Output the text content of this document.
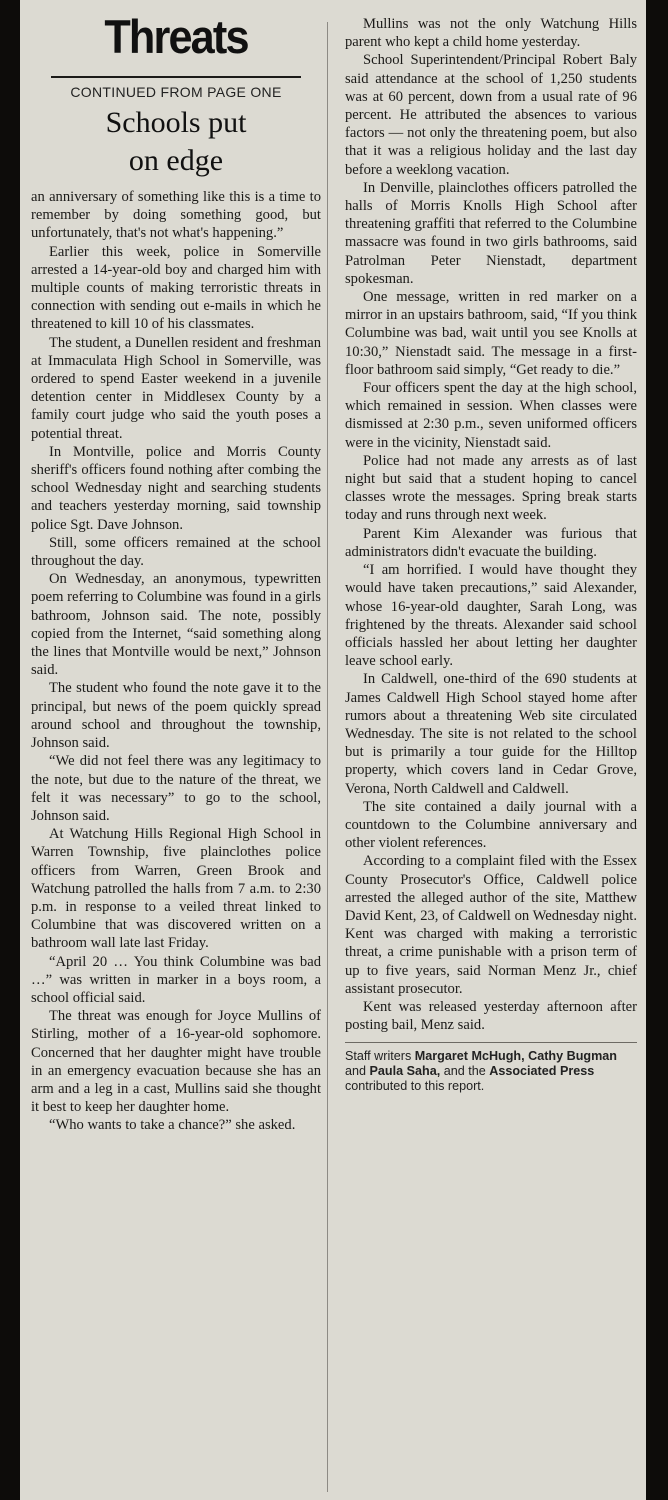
Threats
CONTINUED FROM PAGE ONE
Schools put
on edge

an anniversary of something like this is a time to remember by doing something good, but unfortunately, that's not what's happening.”

Earlier this week, police in Somerville arrested a 14-year-old boy and charged him with multiple counts of making terroristic threats in connection with sending out e-mails in which he threatened to kill 10 of his classmates.

The student, a Dunellen resident and freshman at Immaculata High School in Somerville, was ordered to spend Easter weekend in a juvenile detention center in Middlesex County by a family court judge who said the youth poses a potential threat.

In Montville, police and Morris County sheriff's officers found nothing after combing the school Wednesday night and searching students and teachers yesterday morning, said township police Sgt. Dave Johnson.

Still, some officers remained at the school throughout the day.

On Wednesday, an anonymous, typewritten poem referring to Columbine was found in a girls bathroom, Johnson said. The note, possibly copied from the Internet, “said something along the lines that Montville would be next,” Johnson said.

The student who found the note gave it to the principal, but news of the poem quickly spread around school and throughout the township, Johnson said.

“We did not feel there was any legitimacy to the note, but due to the nature of the threat, we felt it was necessary” to go to the school, Johnson said.

At Watchung Hills Regional High School in Warren Township, five plainclothes police officers from Warren, Green Brook and Watchung patrolled the halls from 7 a.m. to 2:30 p.m. in response to a veiled threat linked to Columbine that was discovered written on a bathroom wall late last Friday.

“April 20 … You think Columbine was bad …” was written in marker in a boys room, a school official said.

The threat was enough for Joyce Mullins of Stirling, mother of a 16-year-old sophomore. Concerned that her daughter might have trouble in an emergency evacuation because she has an arm and a leg in a cast, Mullins said she thought it best to keep her daughter home.

“Who wants to take a chance?” she asked.

Mullins was not the only Watchung Hills parent who kept a child home yesterday.

School Superintendent/Principal Robert Baly said attendance at the school of 1,250 students was at 60 percent, down from a usual rate of 96 percent. He attributed the absences to various factors — not only the threatening poem, but also that it was a religious holiday and the last day before a weeklong vacation.

In Denville, plainclothes officers patrolled the halls of Morris Knolls High School after threatening graffiti that referred to the Columbine massacre was found in two girls bathrooms, said Patrolman Peter Nienstadt, department spokesman.

One message, written in red marker on a mirror in an upstairs bathroom, said, “If you think Columbine was bad, wait until you see Knolls at 10:30,” Nienstadt said. The message in a first-floor bathroom said simply, “Get ready to die.”

Four officers spent the day at the high school, which remained in session. When classes were dismissed at 2:30 p.m., seven uniformed officers were in the vicinity, Nienstadt said.

Police had not made any arrests as of last night but said that a student hoping to cancel classes wrote the messages. Spring break starts today and runs through next week.

Parent Kim Alexander was furious that administrators didn't evacuate the building.

“I am horrified. I would have thought they would have taken precautions,” said Alexander, whose 16-year-old daughter, Sarah Long, was frightened by the threats. Alexander said school officials hassled her about letting her daughter leave school early.

In Caldwell, one-third of the 690 students at James Caldwell High School stayed home after rumors about a threatening Web site circulated Wednesday. The site is not related to the school but is primarily a tour guide for the Hilltop property, which covers land in Cedar Grove, Verona, North Caldwell and Caldwell.

The site contained a daily journal with a countdown to the Columbine anniversary and other violent references.

According to a complaint filed with the Essex County Prosecutor's Office, Caldwell police arrested the alleged author of the site, Matthew David Kent, 23, of Caldwell on Wednesday night. Kent was charged with making a terroristic threat, a crime punishable with a prison term of up to five years, said Norman Menz Jr., chief assistant prosecutor.

Kent was released yesterday afternoon after posting bail, Menz said.

Staff writers Margaret McHugh, Cathy Bugman and Paula Saha, and the Associated Press contributed to this report.
